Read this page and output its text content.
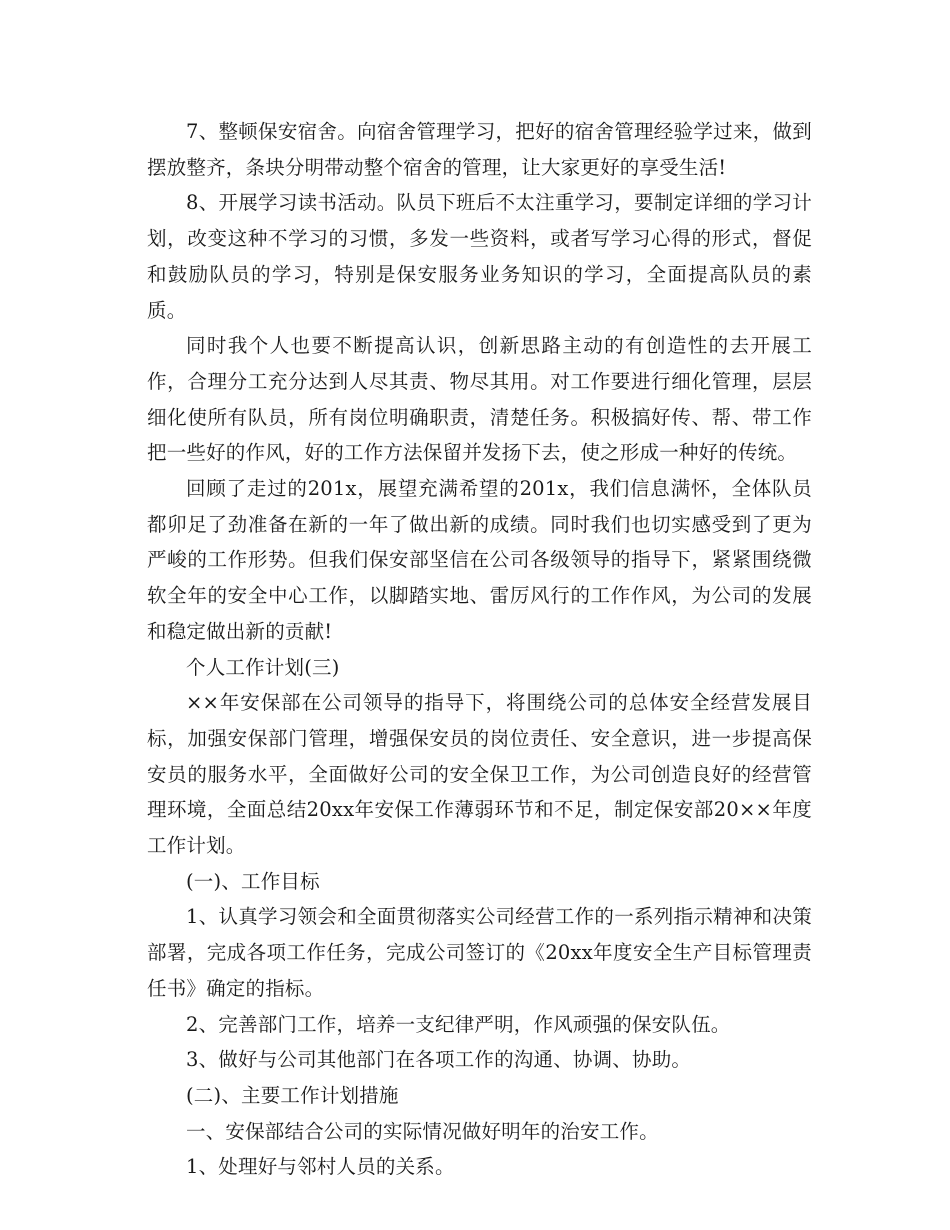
7、整顿保安宿舍。向宿舍管理学习，把好的宿舍管理经验学过来，做到摆放整齐，条块分明带动整个宿舍的管理，让大家更好的享受生活!

8、开展学习读书活动。队员下班后不太注重学习，要制定详细的学习计划，改变这种不学习的习惯，多发一些资料，或者写学习心得的形式，督促和鼓励队员的学习，特别是保安服务业务知识的学习，全面提高队员的素质。

同时我个人也要不断提高认识，创新思路主动的有创造性的去开展工作，合理分工充分达到人尽其责、物尽其用。对工作要进行细化管理，层层细化使所有队员，所有岗位明确职责，清楚任务。积极搞好传、帮、带工作把一些好的作风，好的工作方法保留并发扬下去，使之形成一种好的传统。

回顾了走过的201x，展望充满希望的201x，我们信息满怀，全体队员都卯足了劲准备在新的一年了做出新的成绩。同时我们也切实感受到了更为严峻的工作形势。但我们保安部坚信在公司各级领导的指导下，紧紧围绕微软全年的安全中心工作，以脚踏实地、雷厉风行的工作作风，为公司的发展和稳定做出新的贡献!

个人工作计划(三)

××年安保部在公司领导的指导下，将围绕公司的总体安全经营发展目标，加强安保部门管理，增强保安员的岗位责任、安全意识，进一步提高保安员的服务水平，全面做好公司的安全保卫工作，为公司创造良好的经营管理环境，全面总结20xx年安保工作薄弱环节和不足，制定保安部20××年度工作计划。

(一)、工作目标

1、认真学习领会和全面贯彻落实公司经营工作的一系列指示精神和决策部署，完成各项工作任务，完成公司签订的《20xx年度安全生产目标管理责任书》确定的指标。

2、完善部门工作，培养一支纪律严明，作风顽强的保安队伍。

3、做好与公司其他部门在各项工作的沟通、协调、协助。

(二)、主要工作计划措施

一、安保部结合公司的实际情况做好明年的治安工作。

1、处理好与邻村人员的关系。
